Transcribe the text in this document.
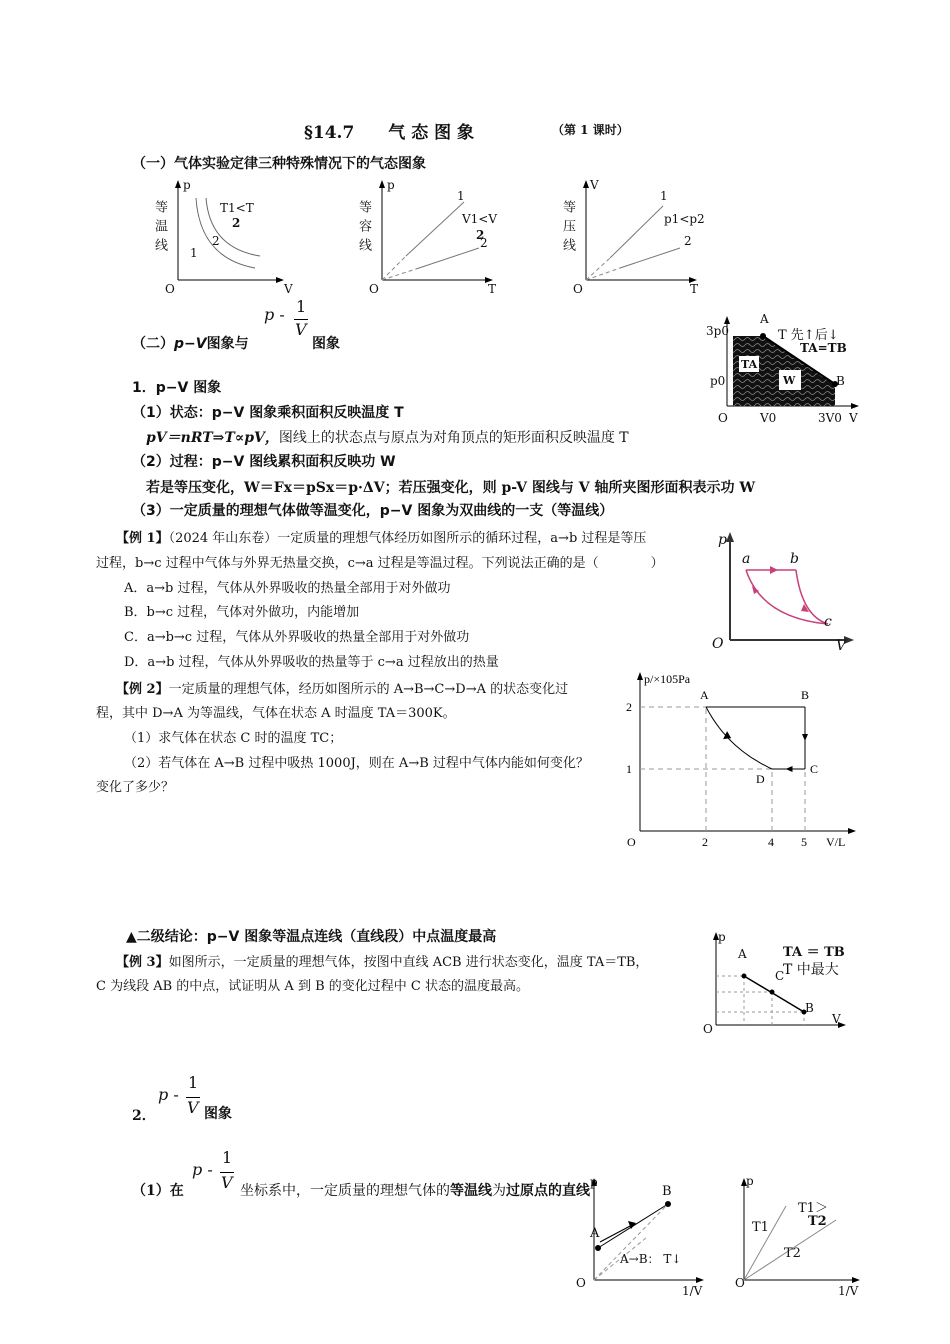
§14.7　　气 态 图 象	（第 1 课时）
（一）气体实验定律三种特殊情况下的气态图象
等温线
p
V
O
T1<T
2
1
2	等容线
p
T
O
V1<V
2
1
2	等压线
V
T
O
p1<p2
1
2
（二）p−V图象与
p - 1
V
图象
A
B
3p0
p0
TA
W
T 先↑后↓
TA=TB
O	V0	3V0 V
1．p−V 图象
（1）状态：p−V 图象乘积面积反映温度 T
pV＝nRT⇒T∝pV，图线上的状态点与原点为对角顶点的矩形面积反映温度 T
（2）过程：p−V 图线累积面积反映功 W
若是等压变化，W＝Fx＝pSx＝p·ΔV；若压强变化，则 p-V 图线与 V 轴所夹图形面积表示功 W
（3）一定质量的理想气体做等温变化，p−V 图象为双曲线的一支（等温线）
【例 1】（2024 年山东卷）一定质量的理想气体经历如图所示的循环过程，a→b 过程是等压
过程，b→c 过程中气体与外界无热量交换，c→a 过程是等温过程。下列说法正确的是（　　　　）
A．a→b 过程，气体从外界吸收的热量全部用于对外做功
B．b→c 过程，气体对外做功，内能增加
C．a→b→c 过程，气体从外界吸收的热量全部用于对外做功
D．a→b 过程，气体从外界吸收的热量等于 c→a 过程放出的热量
p
V
O
a	b
c
【例 2】一定质量的理想气体，经历如图所示的 A→B→C→D→A 的状态变化过
程，其中 D→A 为等温线，气体在状态 A 时温度 TA＝300K。
（1）求气体在状态 C 时的温度 TC；
（2）若气体在 A→B 过程中吸热 1000J，则在 A→B 过程中气体内能如何变化？
变化了多少？
p/×105Pa
V/L
O
1
2
2	4 5
A	B
C
D
▲二级结论：p−V 图象等温点连线（直线段）中点温度最高
【例 3】如图所示，一定质量的理想气体，按图中直线 ACB 进行状态变化，温度 TA＝TB，
C 为线段 AB 的中点，试证明从 A 到 B 的变化过程中 C 状态的温度最高。
p
V
O
A
C
B
TA ＝ TB
T 中最大
2．
p -
1
V 图象
（1）在
p -
1
V 坐标系中，一定质量的理想气体的等温线为过原点的直线
p
1/V
O
A
B
A→B： T↓
p
1/V
O
T1
T2
T1＞
T2
